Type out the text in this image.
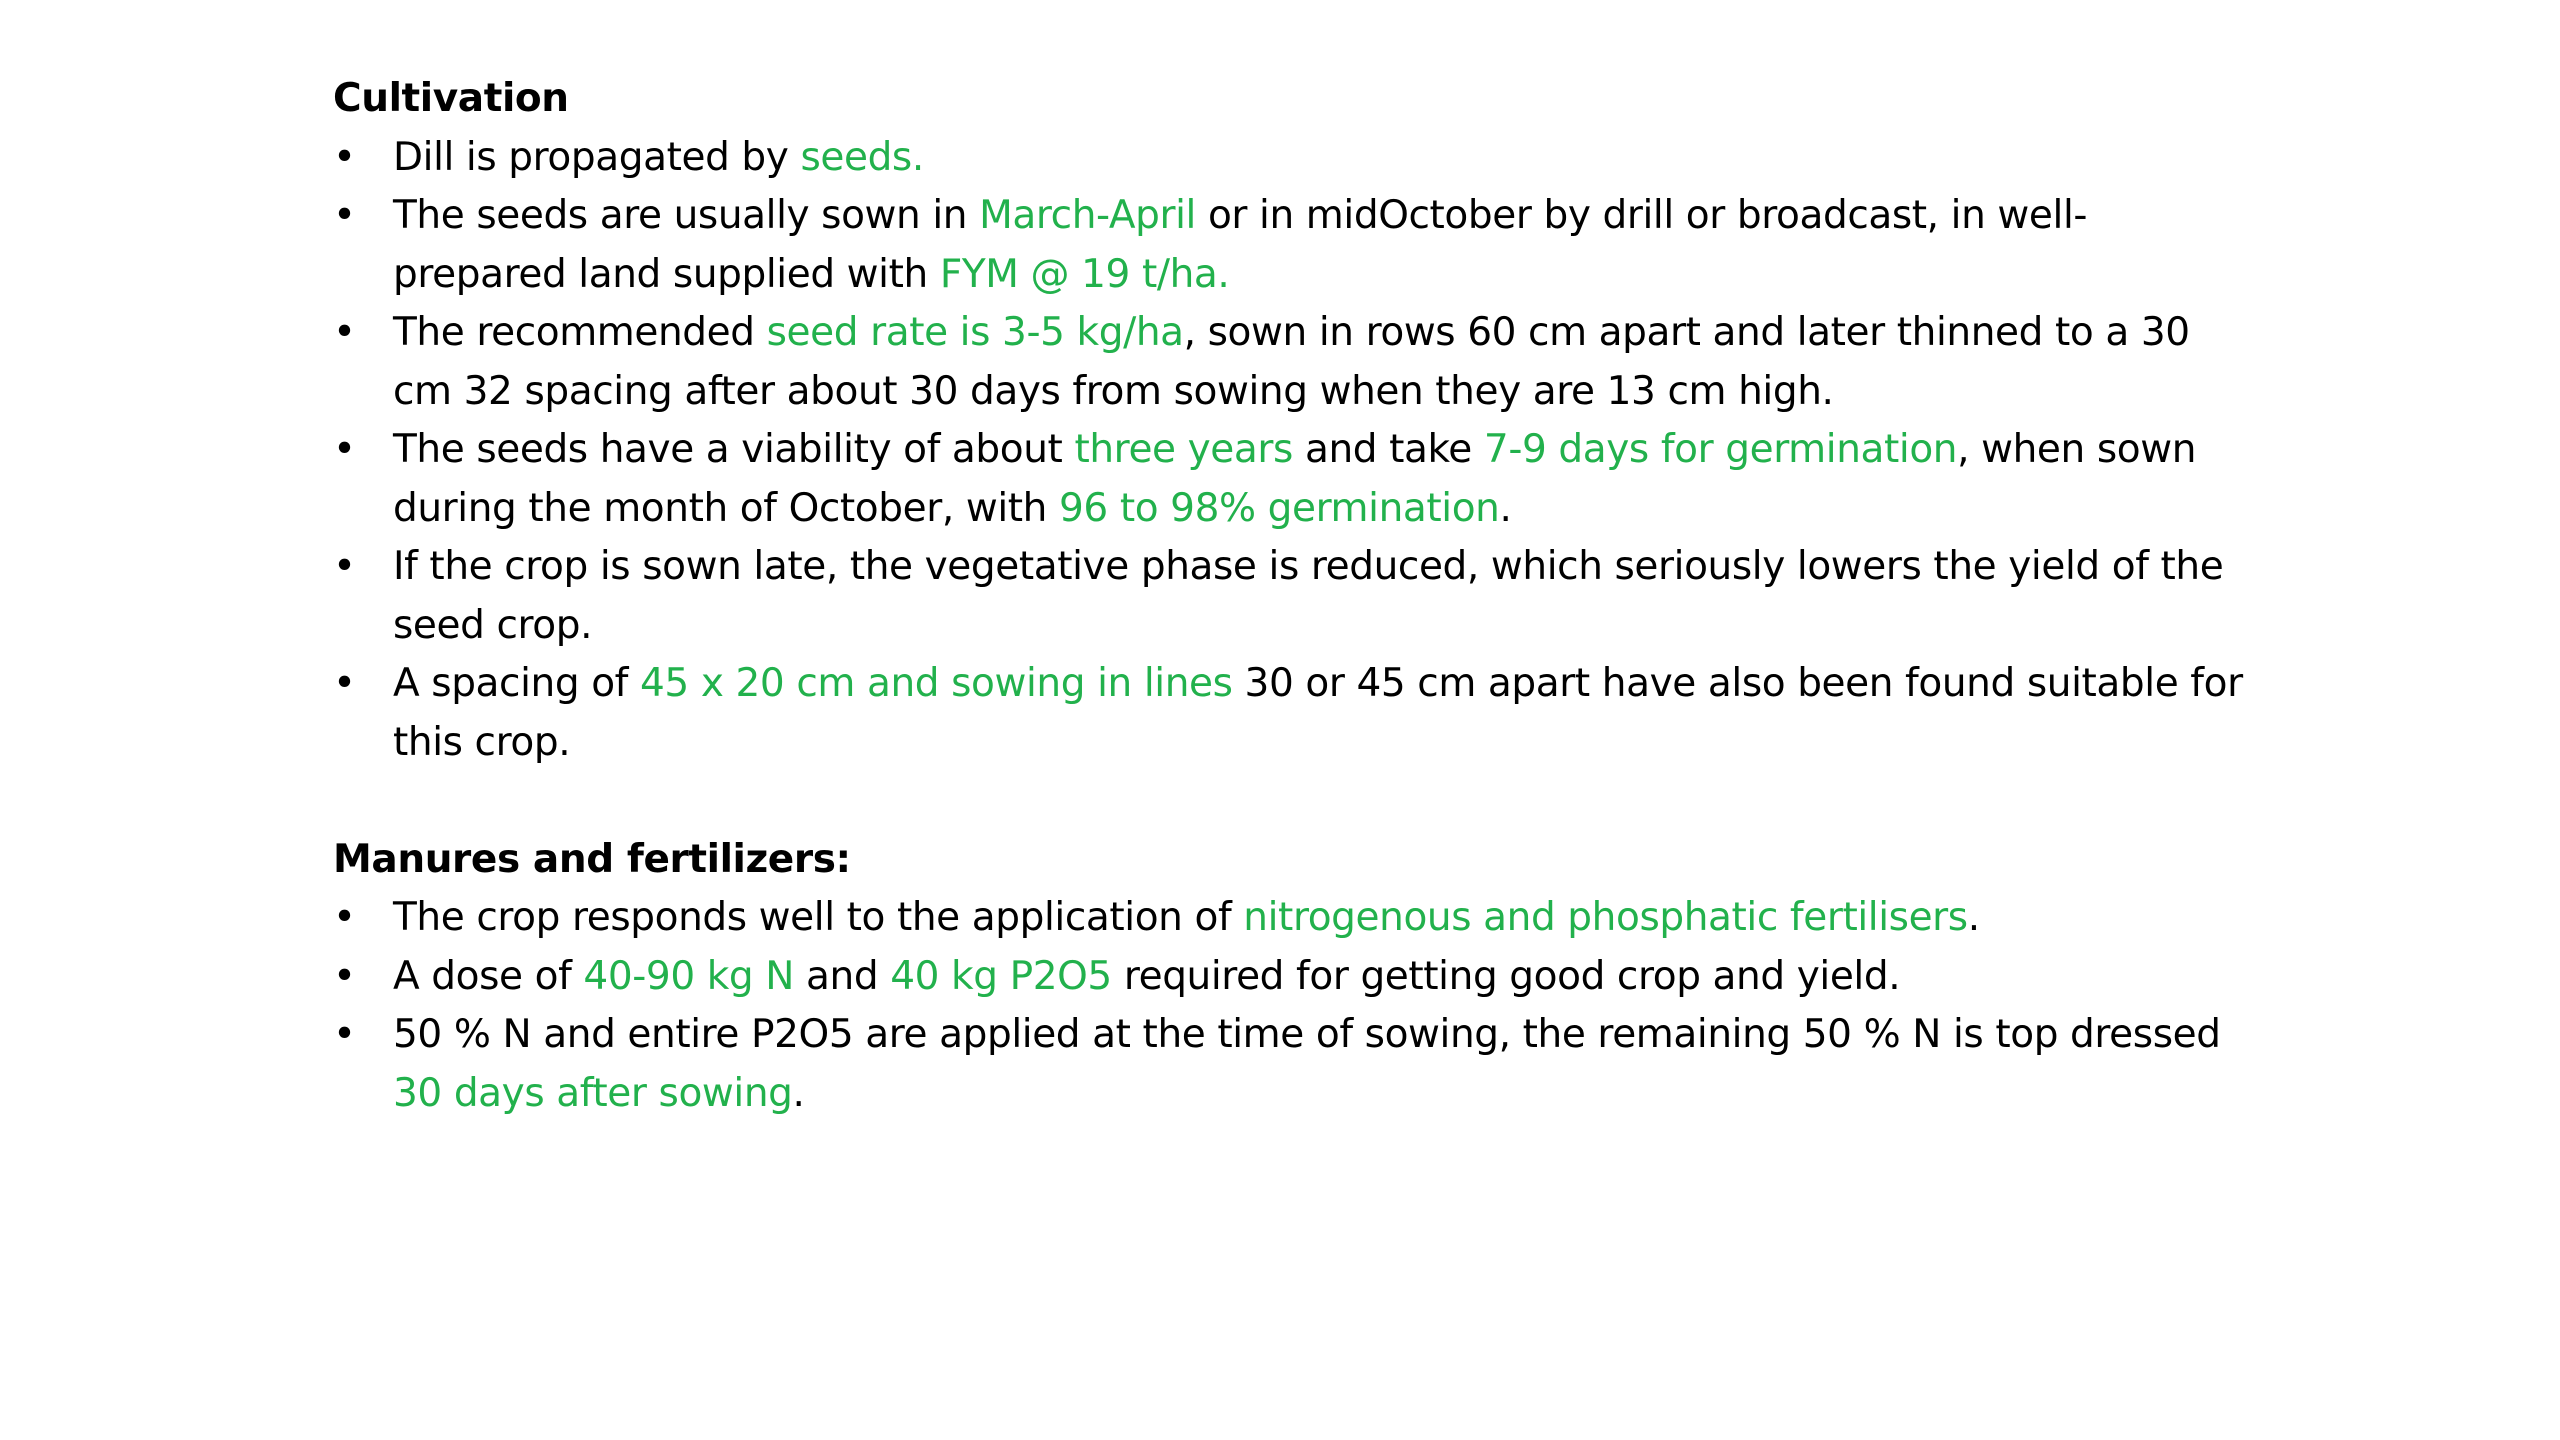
Cultivation
• Dill is propagated by seeds.
• The seeds are usually sown in March-April or in midOctober by drill or broadcast, in well-prepared land supplied with FYM @ 19 t/ha.
• The recommended seed rate is 3-5 kg/ha, sown in rows 60 cm apart and later thinned to a 30 cm 32 spacing after about 30 days from sowing when they are 13 cm high.
• The seeds have a viability of about three years and take 7-9 days for germination, when sown during the month of October, with 96 to 98% germination.
• If the crop is sown late, the vegetative phase is reduced, which seriously lowers the yield of the seed crop.
• A spacing of 45 x 20 cm and sowing in lines 30 or 45 cm apart have also been found suitable for this crop.
Manures and fertilizers:
• The crop responds well to the application of nitrogenous and phosphatic fertilisers.
• A dose of 40-90 kg N and 40 kg P2O5 required for getting good crop and yield.
• 50 % N and entire P2O5 are applied at the time of sowing, the remaining 50 % N is top dressed 30 days after sowing.
